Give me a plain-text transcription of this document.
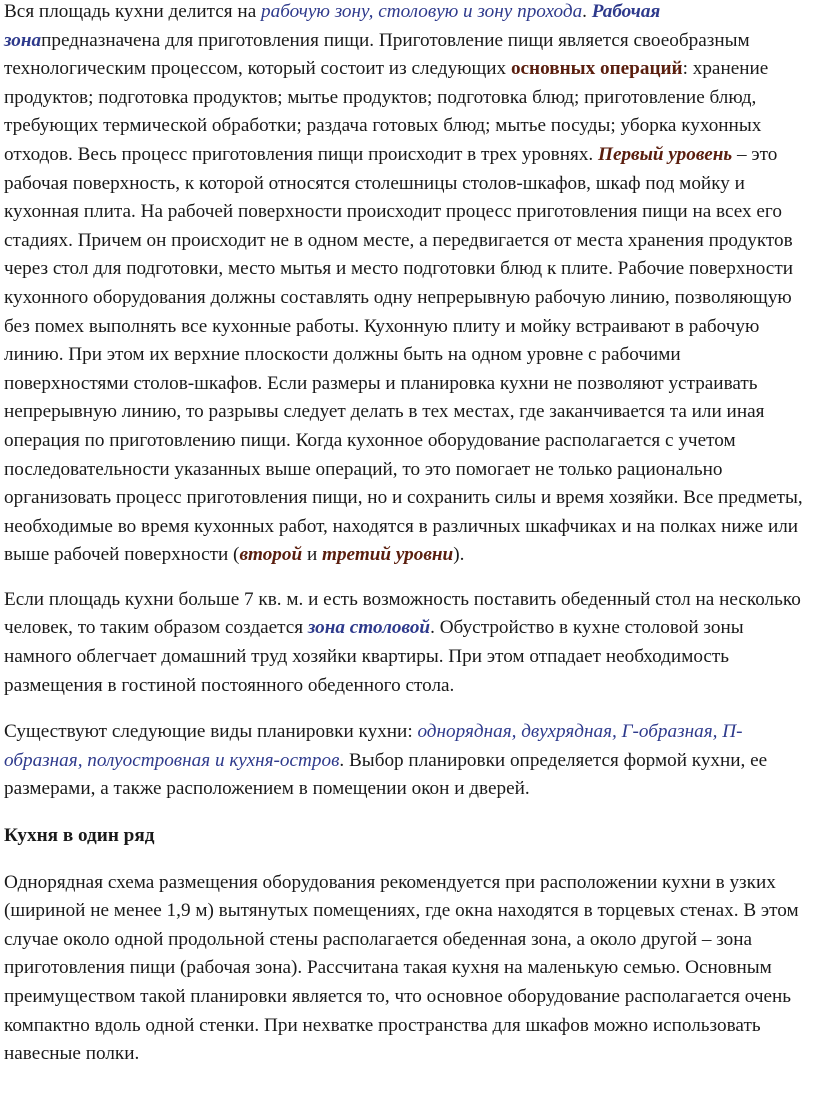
Вся площадь кухни делится на рабочую зону, столовую и зону прохода. Рабочая зонапредназначена для приготовления пищи. Приготовление пищи является своеобразным технологическим процессом, который состоит из следующих основных операций: хранение продуктов; подготовка продуктов; мытье продуктов; подготовка блюд; приготовление блюд, требующих термической обработки; раздача готовых блюд; мытье посуды; уборка кухонных отходов. Весь процесс приготовления пищи происходит в трех уровнях. Первый уровень – это рабочая поверхность, к которой относятся столешницы столов-шкафов, шкаф под мойку и кухонная плита. На рабочей поверхности происходит процесс приготовления пищи на всех его стадиях. Причем он происходит не в одном месте, а передвигается от места хранения продуктов через стол для подготовки, место мытья и место подготовки блюд к плите. Рабочие поверхности кухонного оборудования должны составлять одну непрерывную рабочую линию, позволяющую без помех выполнять все кухонные работы. Кухонную плиту и мойку встраивают в рабочую линию. При этом их верхние плоскости должны быть на одном уровне с рабочими поверхностями столов-шкафов. Если размеры и планировка кухни не позволяют устраивать непрерывную линию, то разрывы следует делать в тех местах, где заканчивается та или иная операция по приготовлению пищи. Когда кухонное оборудование располагается с учетом последовательности указанных выше операций, то это помогает не только рационально организовать процесс приготовления пищи, но и сохранить силы и время хозяйки. Все предметы, необходимые во время кухонных работ, находятся в различных шкафчиках и на полках ниже или выше рабочей поверхности (второй и третий уровни).

Если площадь кухни больше 7 кв. м. и есть возможность поставить обеденный стол на несколько человек, то таким образом создается зона столовой. Обустройство в кухне столовой зоны намного облегчает домашний труд хозяйки квартиры. При этом отпадает необходимость размещения в гостиной постоянного обеденного стола.

Существуют следующие виды планировки кухни: однорядная, двухрядная, Г-образная, П-образная, полуостровная и кухня-остров. Выбор планировки определяется формой кухни, ее размерами, а также расположением в помещении окон и дверей.

Кухня в один ряд

Однорядная схема размещения оборудования рекомендуется при расположении кухни в узких (шириной не менее 1,9 м) вытянутых помещениях, где окна находятся в торцевых стенах. В этом случае около одной продольной стены располагается обеденная зона, а около другой – зона приготовления пищи (рабочая зона). Рассчитана такая кухня на маленькую семью. Основным преимуществом такой планировки является то, что основное оборудование располагается очень компактно вдоль одной стенки. При нехватке пространства для шкафов можно использовать навесные полки.
